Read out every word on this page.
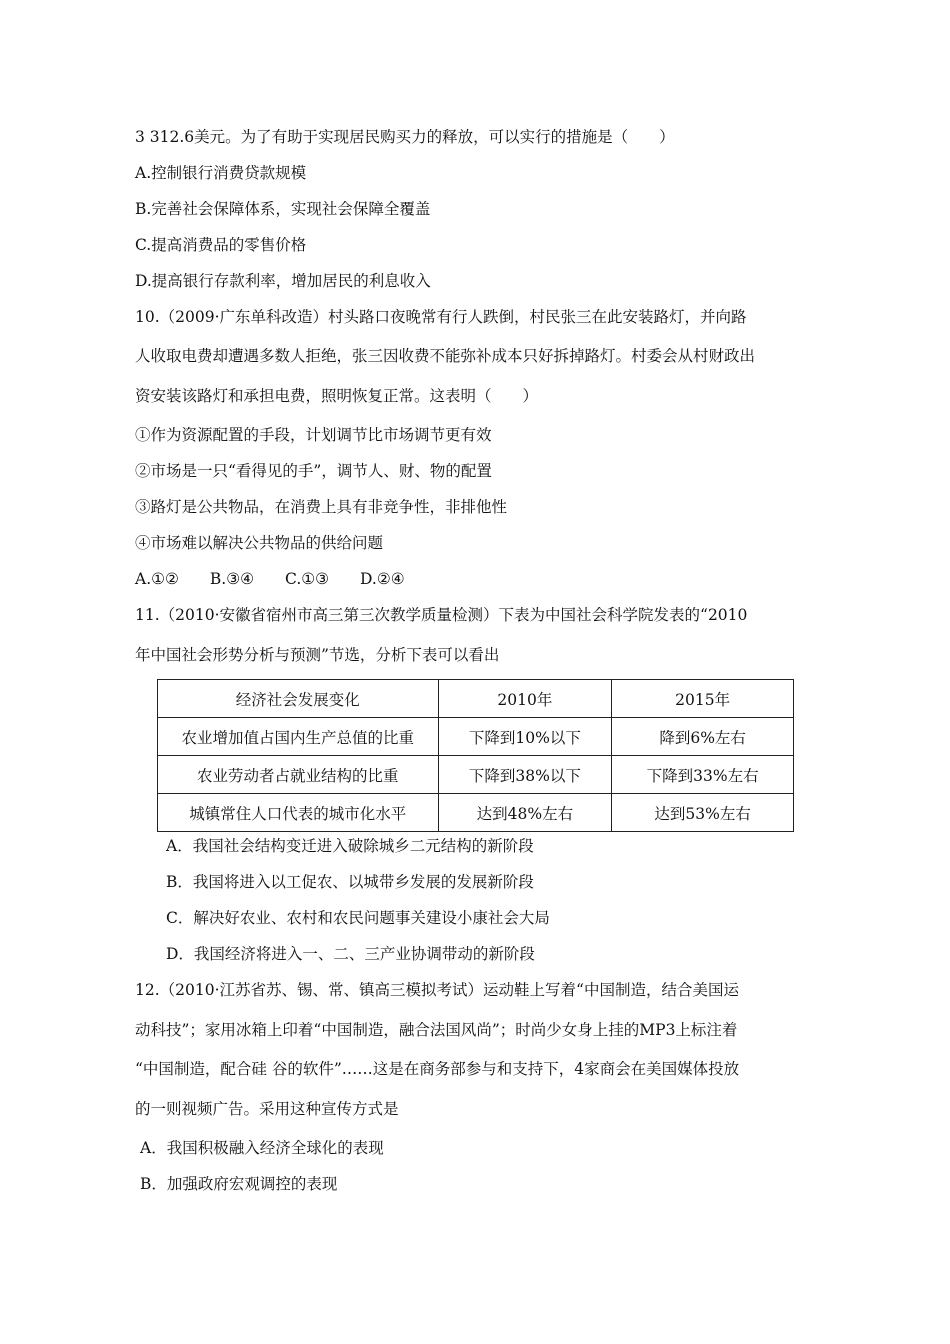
3 312.6美元。为了有助于实现居民购买力的释放，可以实行的措施是（　　）
A.控制银行消费贷款规模
B.完善社会保障体系，实现社会保障全覆盖
C.提高消费品的零售价格
D.提高银行存款利率，增加居民的利息收入
10.（2009·广东单科改造）村头路口夜晚常有行人跌倒，村民张三在此安装路灯，并向路
人收取电费却遭遇多数人拒绝，张三因收费不能弥补成本只好拆掉路灯。村委会从村财政出
资安装该路灯和承担电费，照明恢复正常。这表明（　　）
①作为资源配置的手段，计划调节比市场调节更有效
②市场是一只“看得见的手”，调节人、财、物的配置
③路灯是公共物品，在消费上具有非竞争性，非排他性
④市场难以解决公共物品的供给问题
A.①②　　B.③④　　C.①③　　D.②④
11.（2010·安徽省宿州市高三第三次教学质量检测）下表为中国社会科学院发表的“2010
年中国社会形势分析与预测”节选，分析下表可以看出
经济社会发展变化	2010年	2015年
农业增加值占国内生产总值的比重	下降到10%以下	降到6%左右
农业劳动者占就业结构的比重	下降到38%以下	下降到33%左右
城镇常住人口代表的城市化水平	达到48%左右	达到53%左右
A．我国社会结构变迁进入破除城乡二元结构的新阶段
B．我国将进入以工促农、以城带乡发展的发展新阶段
C．解决好农业、农村和农民问题事关建设小康社会大局
D．我国经济将进入一、二、三产业协调带动的新阶段
12.（2010·江苏省苏、锡、常、镇高三模拟考试）运动鞋上写着“中国制造，结合美国运
动科技”；家用冰箱上印着“中国制造，融合法国风尚”；时尚少女身上挂的MP3上标注着
“中国制造，配合硅 谷的软件”……这是在商务部参与和支持下，4家商会在美国媒体投放
的一则视频广告。采用这种宣传方式是
A．我国积极融入经济全球化的表现
B．加强政府宏观调控的表现
